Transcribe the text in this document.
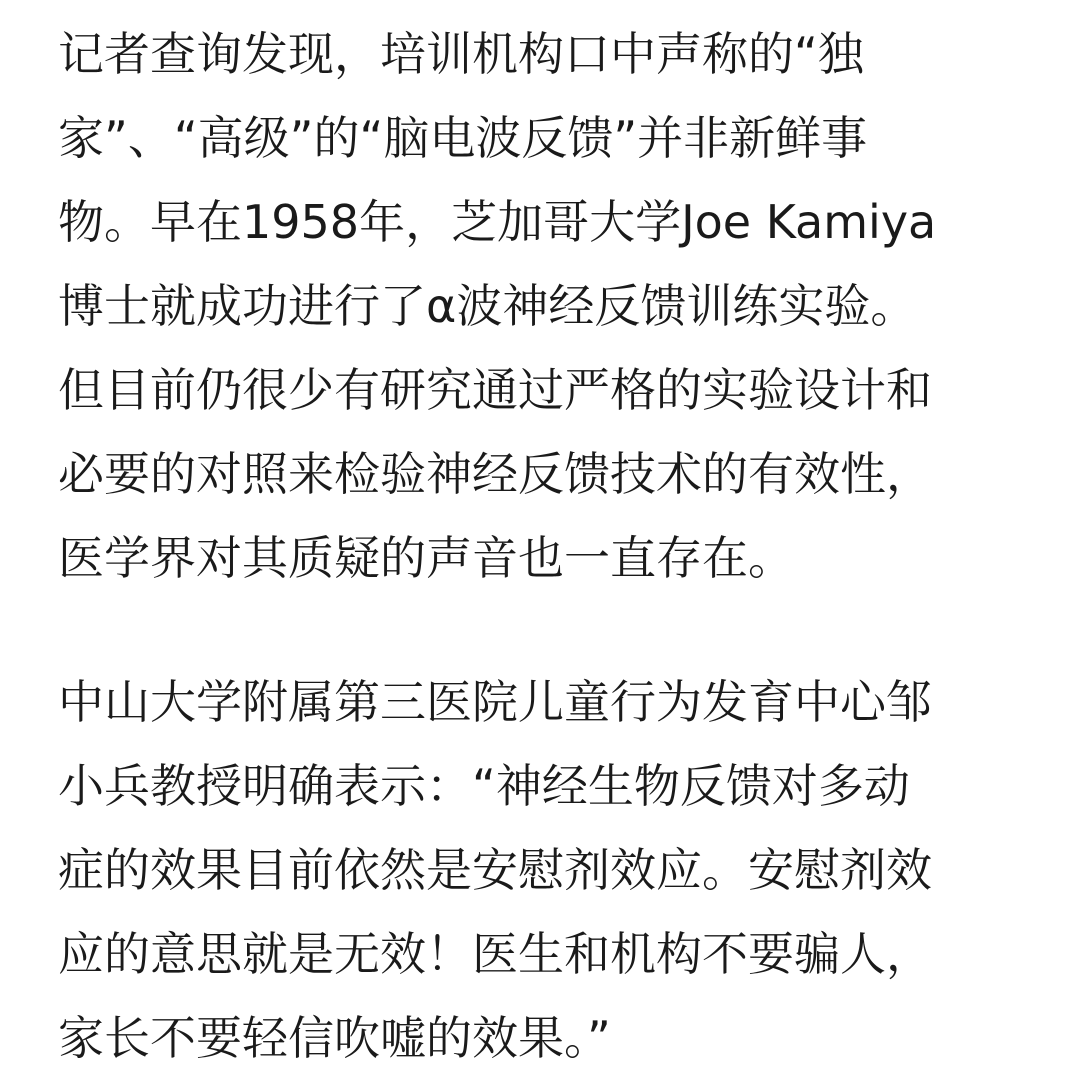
记者查询发现，培训机构口中声称的“独
家”、“高级”的“脑电波反馈”并非新鲜事
物。早在1958年，芝加哥大学Joe Kamiya
博士就成功进行了α波神经反馈训练实验。
但目前仍很少有研究通过严格的实验设计和
必要的对照来检验神经反馈技术的有效性，
医学界对其质疑的声音也一直存在。

中山大学附属第三医院儿童行为发育中心邹
小兵教授明确表示：“神经生物反馈对多动
症的效果目前依然是安慰剂效应。安慰剂效
应的意思就是无效！医生和机构不要骗人，
家长不要轻信吹嘘的效果。”
